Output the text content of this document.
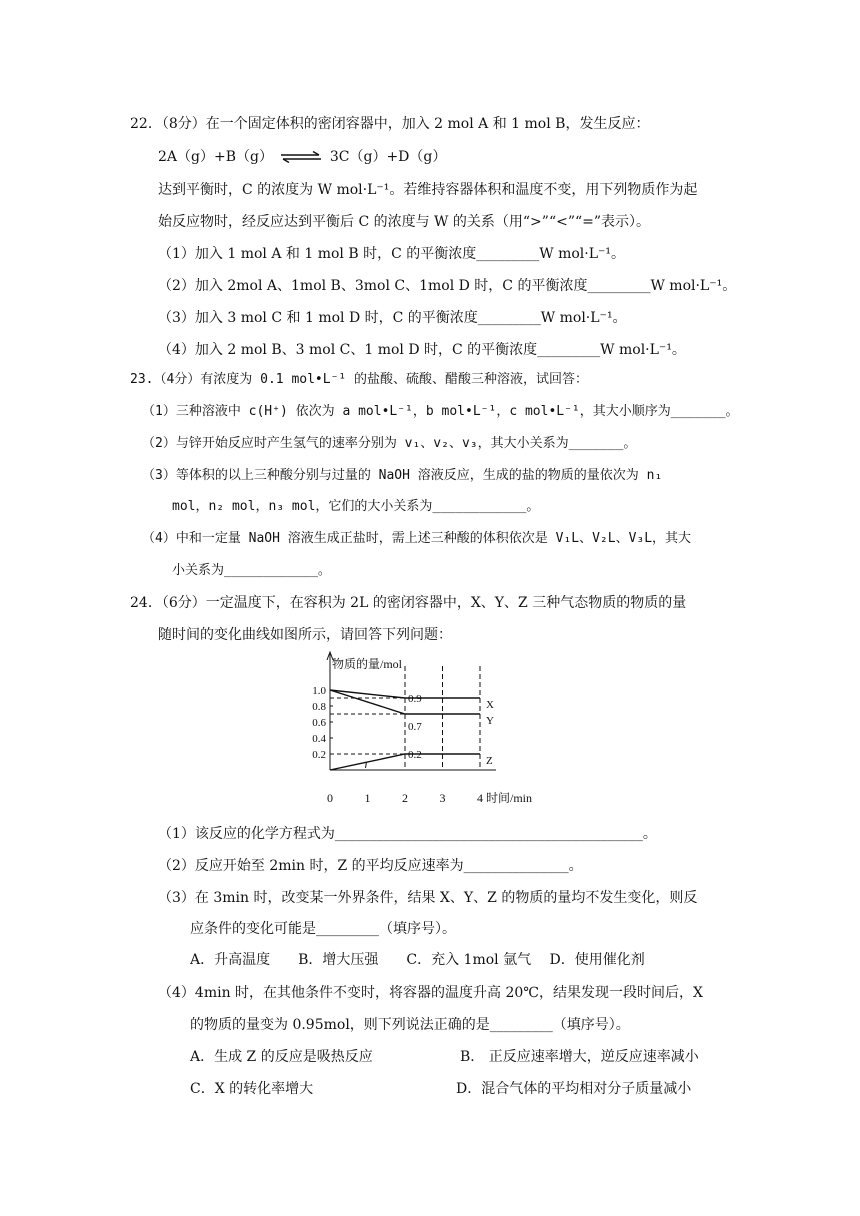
22．（8分）在一个固定体积的密闭容器中，加入 2 mol A 和 1 mol B，发生反应：
2A（g）+B（g） ⇌ 3C（g）+D（g）
达到平衡时，C 的浓度为 W mol·L⁻¹。若维持容器体积和温度不变，用下列物质作为起
始反应物时，经反应达到平衡后 C 的浓度与 W 的关系（用“>”“<”“=”表示）。
（1）加入 1 mol A 和 1 mol B 时，C 的平衡浓度_________W mol·L⁻¹。
（2）加入 2mol A、1mol B、3mol C、1mol D 时，C 的平衡浓度_________W mol·L⁻¹。
（3）加入 3 mol C 和 1 mol D 时，C 的平衡浓度_________W mol·L⁻¹。
（4）加入 2 mol B、3 mol C、1 mol D 时，C 的平衡浓度_________W mol·L⁻¹。
23.（4分）有浓度为 0.1 mol•L⁻¹ 的盐酸、硫酸、醋酸三种溶液，试回答：
（1）三种溶液中 c(H⁺) 依次为 a mol•L⁻¹，b mol•L⁻¹，c mol•L⁻¹，其大小顺序为_______。
（2）与锌开始反应时产生氢气的速率分别为 v₁、v₂、v₃，其大小关系为_______。
（3）等体积的以上三种酸分别与过量的 NaOH 溶液反应，生成的盐的物质的量依次为 n₁
mol，n₂ mol，n₃ mol，它们的大小关系为____________。
（4）中和一定量 NaOH 溶液生成正盐时，需上述三种酸的体积依次是 V₁L、V₂L、V₃L，其大
小关系为____________。
24．（6分）一定温度下，在容积为 2L 的密闭容器中，X、Y、Z 三种气态物质的物质的量
随时间的变化曲线如图所示，请回答下列问题：
物质的量/mol
时间/min
1.0
0.8
0.6
0.4
0.2
0	1	2	3	4
X
Y
Z
0.9
0.7
0.2
（1）该反应的化学方程式为____________________________________________。
（2）反应开始至 2min 时，Z 的平均反应速率为_______________。
（3）在 3min 时，改变某一外界条件，结果 X、Y、Z 的物质的量均不发生变化，则反
应条件的变化可能是_________（填序号）。
A．升高温度　　B．增大压强　　C．充入 1mol 氩气　 D．使用催化剂
（4）4min 时，在其他条件不变时，将容器的温度升高 20℃，结果发现一段时间后，X
的物质的量变为 0.95mol，则下列说法正确的是_________（填序号）。
A．生成 Z 的反应是吸热反应	B． 正反应速率增大，逆反应速率减小
C．X 的转化率增大	D．混合气体的平均相对分子质量减小
